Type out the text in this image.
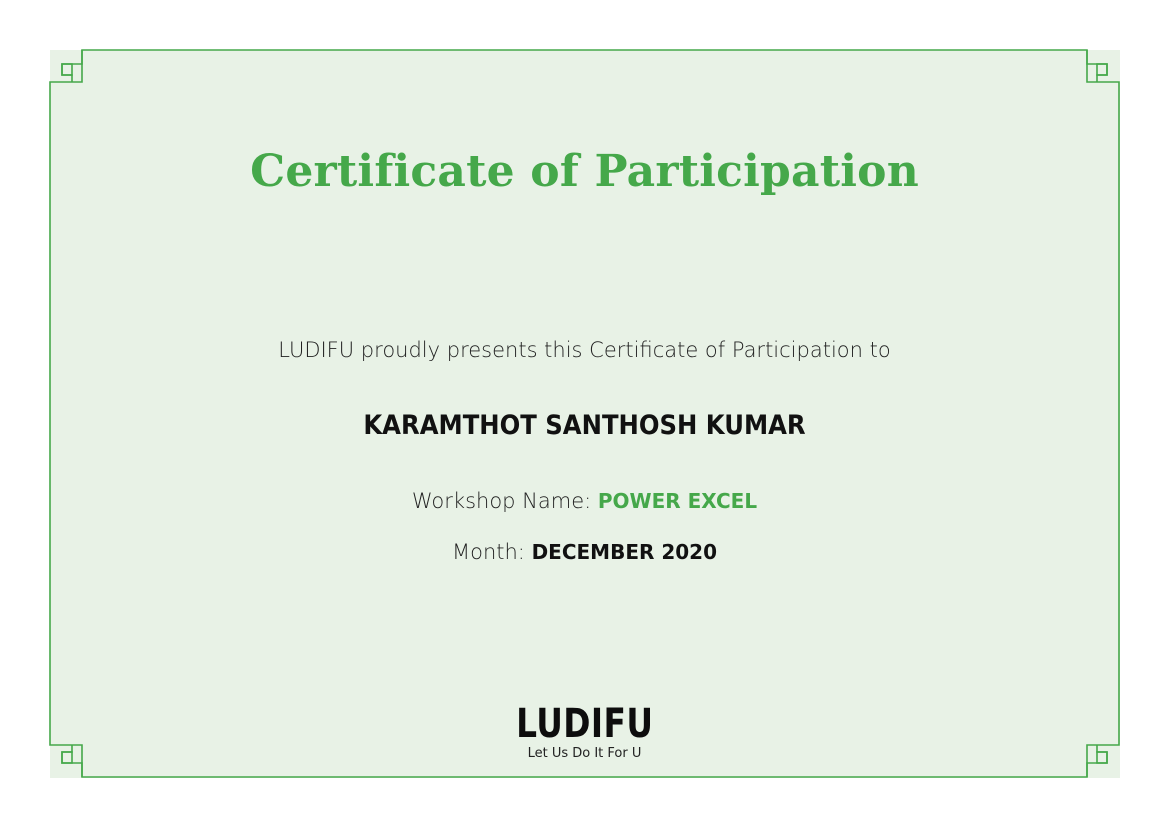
Certificate of Participation
LUDIFU proudly presents this Certificate of Participation to
KARAMTHOT SANTHOSH KUMAR
Workshop Name: POWER EXCEL
Month: DECEMBER 2020
LUDIFU
Let Us Do It For U
